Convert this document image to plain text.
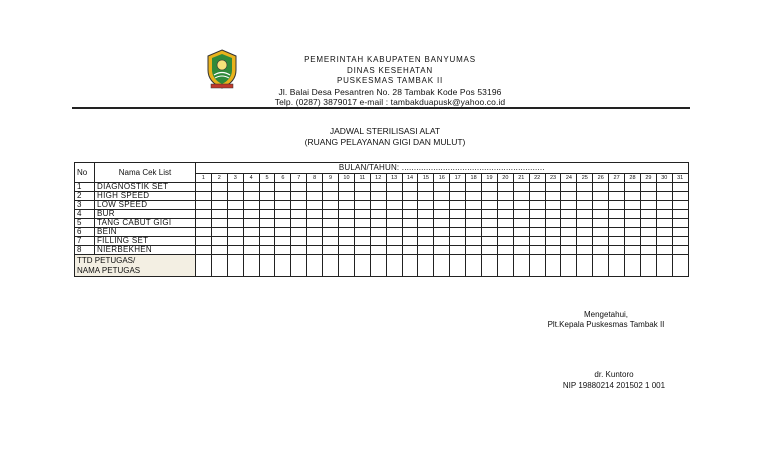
PEMERINTAH KABUPATEN BANYUMAS
DINAS KESEHATAN
PUSKESMAS TAMBAK II
Jl. Balai Desa Pesantren No. 28 Tambak Kode Pos 53196
Telp. (0287) 3879017 e-mail : tambakduapusk@yahoo.co.id
JADWAL STERILISASI ALAT
(RUANG PELAYANAN GIGI DAN MULUT)
No	Nama Cek List	BULAN/TAHUN: ...........................................................																														
		1	2	3	4	5	6	7	8	9	10	11	12	13	14	15	16	17	18	19	20	21	22	23	24	25	26	27	28	29	30	31
1	DIAGNOSTIK SET																															
2	HIGH SPEED																															
3	LOW SPEED																															
4	BUR																															
5	TANG CABUT GIGI																															
6	BEIN																															
7	FILLING SET																															
8	NIERBEKHEN																															

TTD PETUGAS/
NAMA PETUGAS																																

Mengetahui,
Plt.Kepala Puskesmas Tambak II
dr. Kuntoro
NIP 19880214 201502 1 001
